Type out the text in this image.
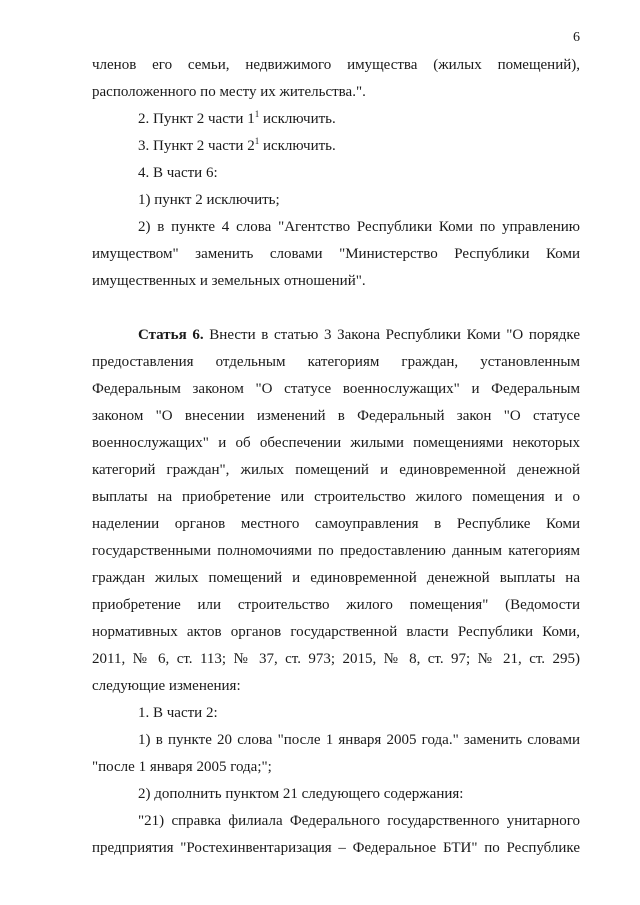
6

членов его семьи, недвижимого имущества (жилых помещений),

расположенного по месту их жительства.".

2. Пункт 2 части $1^1$ исключить.

3. Пункт 2 части $2^1$ исключить.

4. В части 6:

1) пункт 2 исключить;

2) в пункте 4 слова "Агентство Республики Коми по управлению

имуществом" заменить словами "Министерство Республики Коми

имущественных и земельных отношений".

Статья 6. Внести в статью 3 Закона Республики Коми "О порядке

предоставления отдельным категориям граждан, установленным

Федеральным законом "О статусе военнослужащих" и Федеральным

законом "О внесении изменений в Федеральный закон "О статусе

военнослужащих" и об обеспечении жилыми помещениями некоторых

категорий граждан", жилых помещений и единовременной денежной

выплаты на приобретение или строительство жилого помещения и о

наделении органов местного самоуправления в Республике Коми

государственными полномочиями по предоставлению данным категориям

граждан жилых помещений и единовременной денежной выплаты на

приобретение или строительство жилого помещения" (Ведомости

нормативных актов органов государственной власти Республики Коми,

2011, № 6, ст. 113; № 37, ст. 973; 2015, № 8, ст. 97; № 21, ст. 295)

следующие изменения:

1. В части 2:

1) в пункте 20 слова "после 1 января 2005 года." заменить словами

"после 1 января 2005 года;";

2) дополнить пунктом 21 следующего содержания:

"21) справка филиала Федерального государственного унитарного

предприятия "Ростехинвентаризация – Федеральное БТИ" по Республике
